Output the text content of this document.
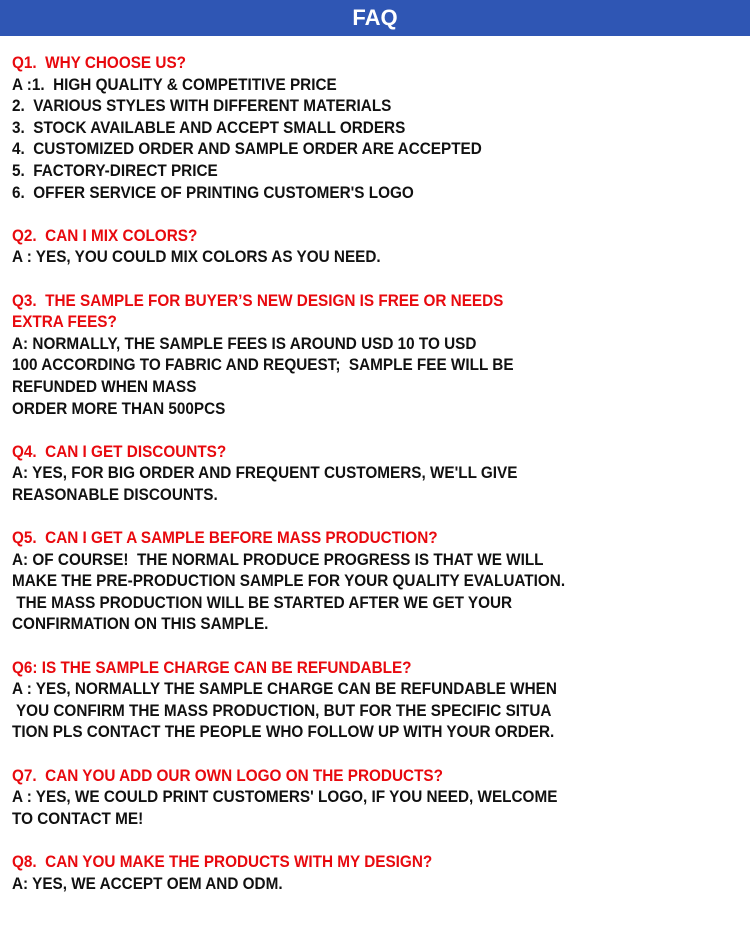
FAQ
Q1.  WHY CHOOSE US?
A :1.  HIGH QUALITY & COMPETITIVE PRICE
2.  VARIOUS STYLES WITH DIFFERENT MATERIALS
3.  STOCK AVAILABLE AND ACCEPT SMALL ORDERS
4.  CUSTOMIZED ORDER AND SAMPLE ORDER ARE ACCEPTED
5.  FACTORY-DIRECT PRICE
6.  OFFER SERVICE OF PRINTING CUSTOMER'S LOGO
Q2.  CAN I MIX COLORS?
A : YES, YOU COULD MIX COLORS AS YOU NEED.
Q3.  THE SAMPLE FOR BUYER’S NEW DESIGN IS FREE OR NEEDS
EXTRA FEES?
A: NORMALLY, THE SAMPLE FEES IS AROUND USD 10 TO USD
100 ACCORDING TO FABRIC AND REQUEST;  SAMPLE FEE WILL BE
REFUNDED WHEN MASS
ORDER MORE THAN 500PCS
Q4.  CAN I GET DISCOUNTS?
A: YES, FOR BIG ORDER AND FREQUENT CUSTOMERS, WE'LL GIVE
REASONABLE DISCOUNTS.
Q5.  CAN I GET A SAMPLE BEFORE MASS PRODUCTION?
A: OF COURSE!  THE NORMAL PRODUCE PROGRESS IS THAT WE WILL
MAKE THE PRE-PRODUCTION SAMPLE FOR YOUR QUALITY EVALUATION.
THE MASS PRODUCTION WILL BE STARTED AFTER WE GET YOUR
CONFIRMATION ON THIS SAMPLE.
Q6: IS THE SAMPLE CHARGE CAN BE REFUNDABLE?
A : YES, NORMALLY THE SAMPLE CHARGE CAN BE REFUNDABLE WHEN
YOU CONFIRM THE MASS PRODUCTION, BUT FOR THE SPECIFIC SITUA
TION PLS CONTACT THE PEOPLE WHO FOLLOW UP WITH YOUR ORDER.
Q7.  CAN YOU ADD OUR OWN LOGO ON THE PRODUCTS?
A : YES, WE COULD PRINT CUSTOMERS' LOGO, IF YOU NEED, WELCOME
TO CONTACT ME!
Q8.  CAN YOU MAKE THE PRODUCTS WITH MY DESIGN?
A: YES, WE ACCEPT OEM AND ODM.
